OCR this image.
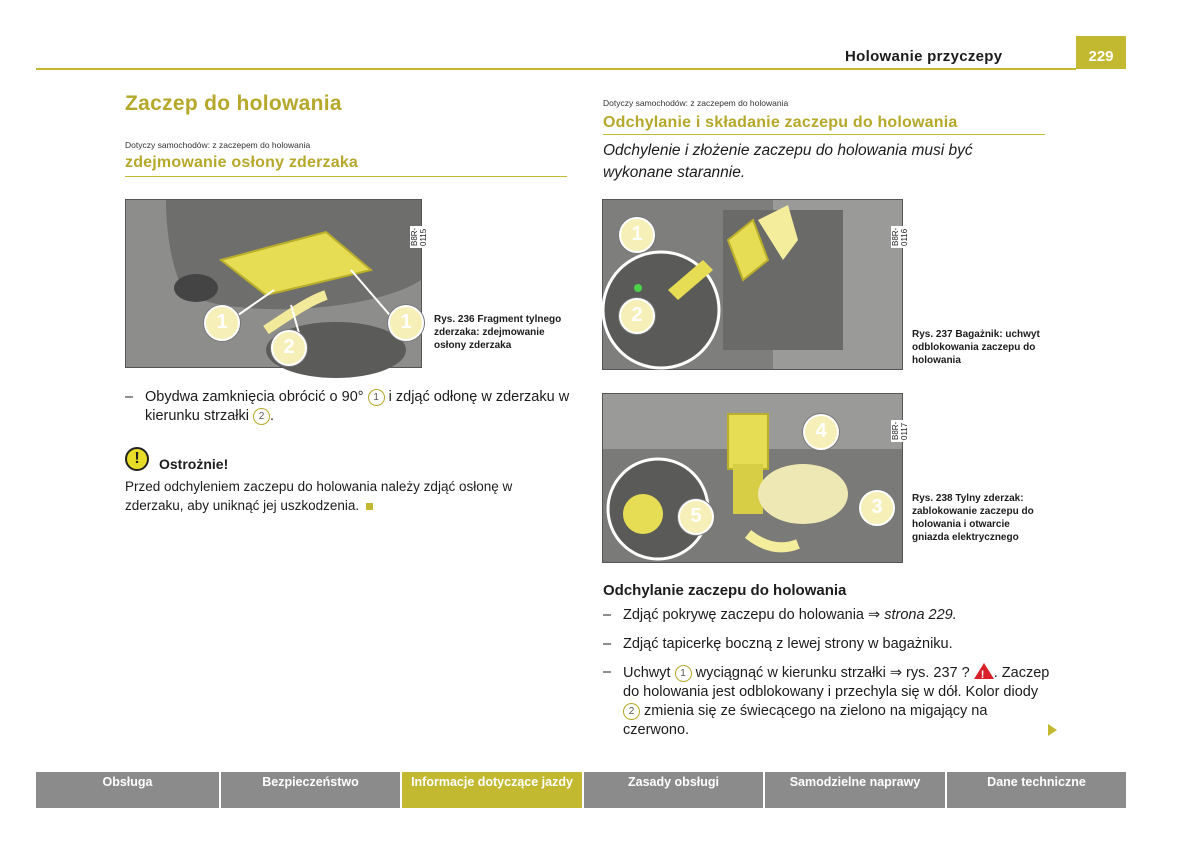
Holowanie przyczepy	229
Zaczep do holowania
Dotyczy samochodów: z zaczepem do holowania
zdejmowanie osłony zderzaka
1
2
1
B8R-0115
Rys. 236 Fragment tylnego zderzaka: zdejmowanie osłony zderzaka
– Obydwa zamknięcia obrócić o 90° 1 i zdjąć odłonę w zderzaku w kierunku strzałki 2 .
!	Ostrożnie!
Przed odchyleniem zaczepu do holowania należy zdjąć osłonę w zderzaku, aby uniknąć jej uszkodzenia.
Dotyczy samochodów: z zaczepem do holowania
Odchylanie i składanie zaczepu do holowania
Odchylenie i złożenie zaczepu do holowania musi być wykonane starannie.
1
2
B8R-0116
Rys. 237 Bagażnik: uchwyt odblokowania zaczepu do holowania
4
3
5
B8R-0117
Rys. 238 Tylny zderzak: zablokowanie zaczepu do holowania i otwarcie gniazda elektrycznego
Odchylanie zaczepu do holowania
– Zdjąć pokrywę zaczepu do holowania ⇒ strona 229.
– Zdjąć tapicerkę boczną z lewej strony w bagażniku.
– Uchwyt 1 wyciągnąć w kierunku strzałki ⇒ rys. 237 ? ! . Zaczep do holowania jest odblokowany i przechyla się w dół. Kolor diody 2 zmienia się ze świecącego na zielono na migający na czerwono.
Obsługa	Bezpieczeństwo	Informacje dotyczące jazdy	Zasady obsługi	Samodzielne naprawy	Dane techniczne
